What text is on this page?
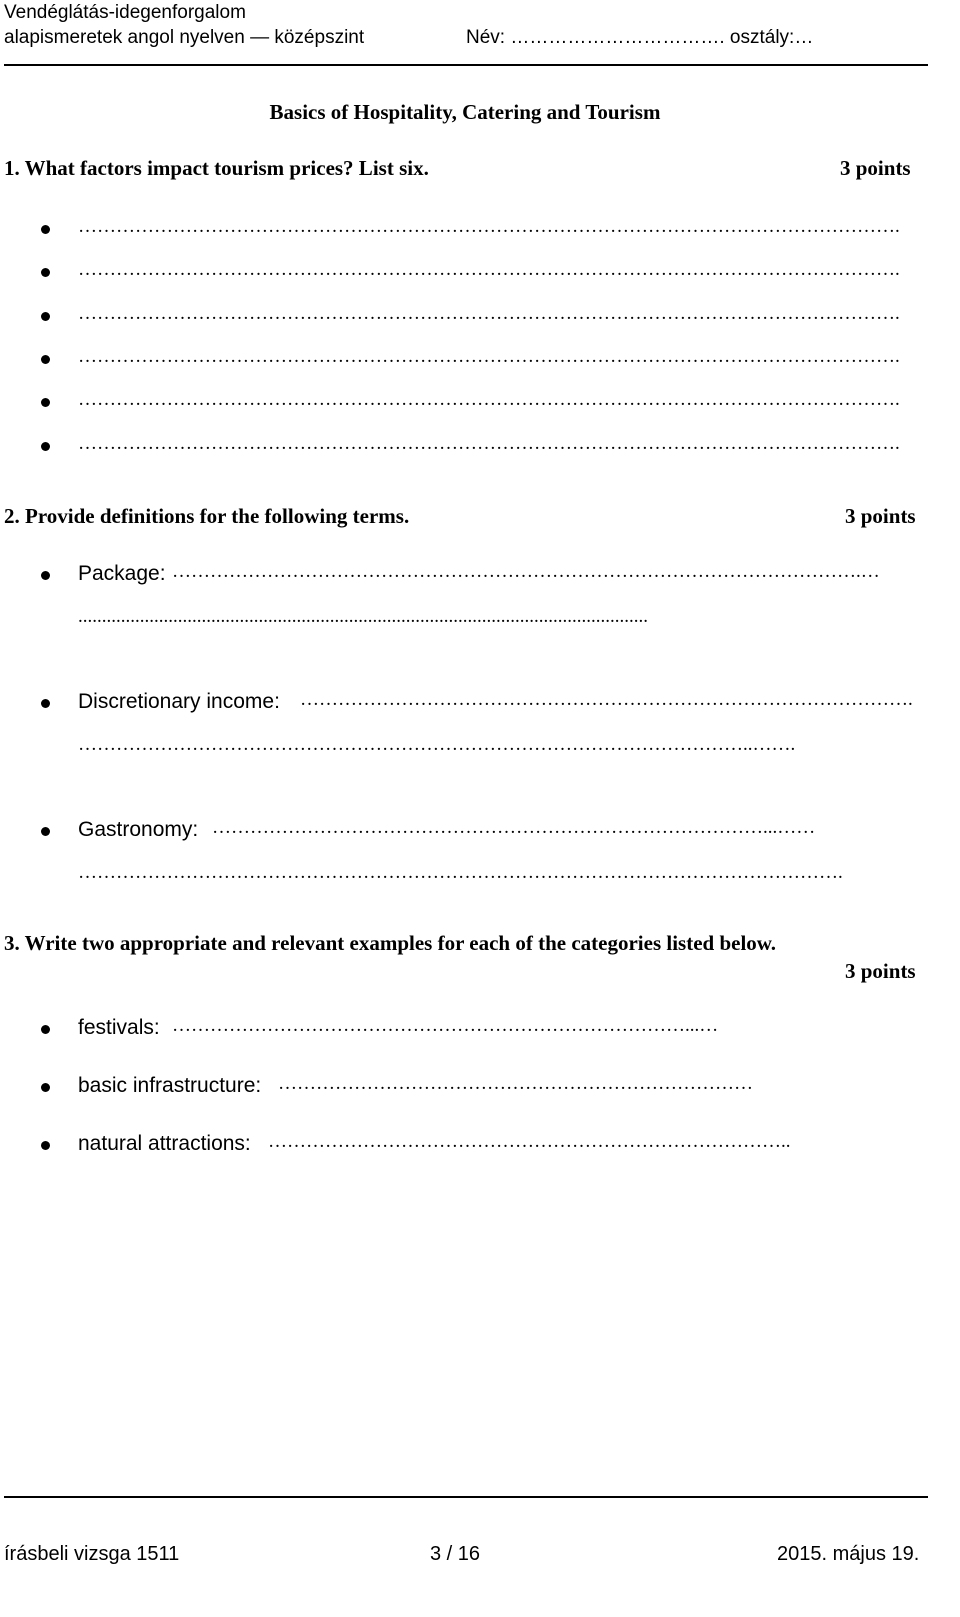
Vendéglátás-idegenforgalom
alapismeretek angol nyelven — középszint	Név: ……………………………. osztály:…
Basics of Hospitality, Catering and Tourism
1. What factors impact tourism prices? List six.	3 points
………………………………………………………………………………………………………………….
………………………………………………………………………………………………………………….
………………………………………………………………………………………………………………….
………………………………………………………………………………………………………………….
………………………………………………………………………………………………………………….
………………………………………………………………………………………………………………….
2. Provide definitions for the following terms.	3 points
Package: ……………………………………………………………………………………………….…
........................................................................................................................
Discretionary income: …………………………………………………………………………………….
……………………………………………………………………………………………..…….
Gastronomy: ……………………………………………………………………………...……
………………………………………………………………………………………………………….
3. Write two appropriate and relevant examples for each of the categories listed below.
3 points
festivals: ………………………………………………………………………...…
basic infrastructure: …………………………………………………………………
natural attractions: ………………………………………………………………………..
írásbeli vizsga 1511	3 / 16	2015. május 19.
